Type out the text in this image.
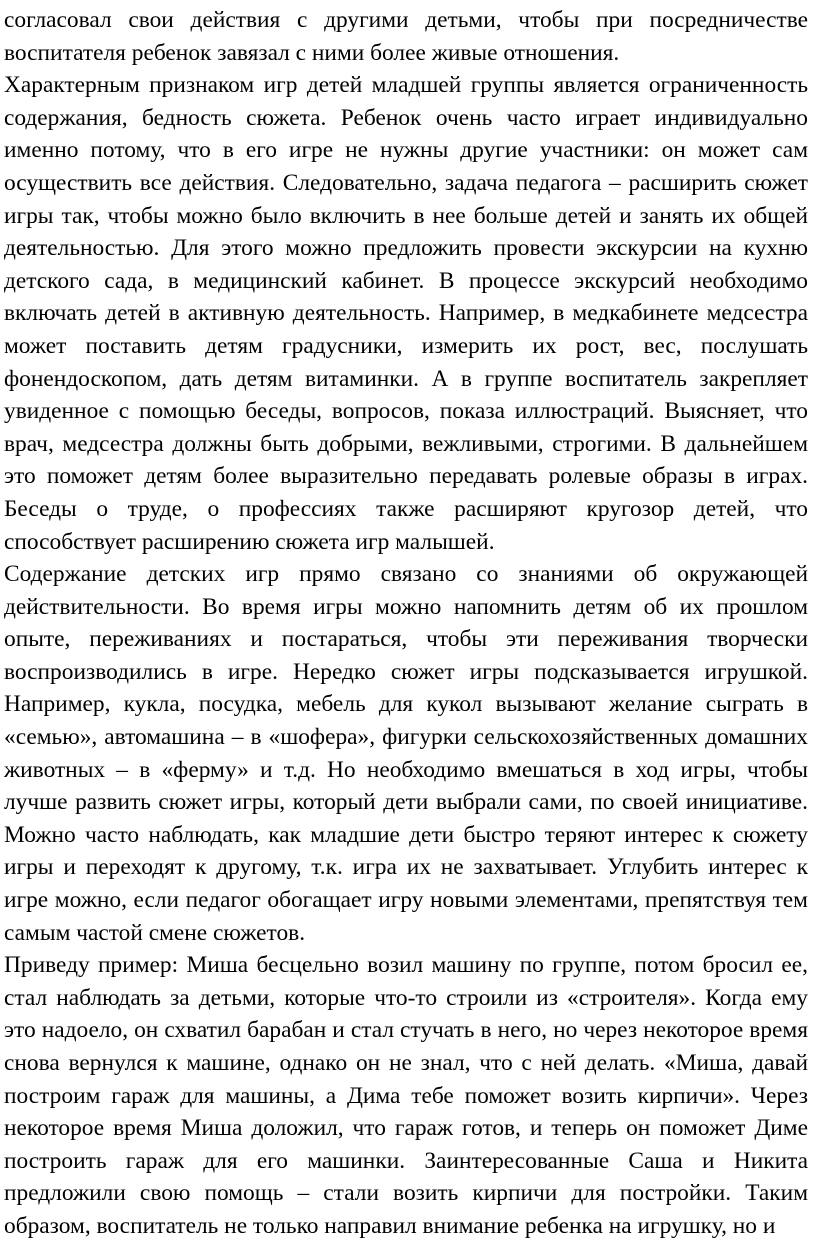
согласовал свои действия с другими детьми, чтобы при посредничестве воспитателя ребенок завязал с ними более живые отношения.

Характерным признаком игр детей младшей группы является ограниченность содержания, бедность сюжета. Ребенок очень часто играет индивидуально именно потому, что в его игре не нужны другие участники: он может сам осуществить все действия. Следовательно, задача педагога – расширить сюжет игры так, чтобы можно было включить в нее больше детей и занять их общей деятельностью. Для этого можно предложить провести экскурсии на кухню детского сада, в медицинский кабинет. В процессе экскурсий необходимо включать детей в активную деятельность. Например, в медкабинете медсестра может поставить детям градусники, измерить их рост, вес, послушать фонендоскопом, дать детям витаминки. А в группе воспитатель закрепляет увиденное с помощью беседы, вопросов, показа иллюстраций. Выясняет, что врач, медсестра должны быть добрыми, вежливыми, строгими. В дальнейшем это поможет детям более выразительно передавать ролевые образы в играх. Беседы о труде, о профессиях также расширяют кругозор детей, что способствует расширению сюжета игр малышей.

Содержание детских игр прямо связано со знаниями об окружающей действительности. Во время игры можно напомнить детям об их прошлом опыте, переживаниях и постараться, чтобы эти переживания творчески воспроизводились в игре. Нередко сюжет игры подсказывается игрушкой. Например, кукла, посудка, мебель для кукол вызывают желание сыграть в «семью», автомашина – в «шофера», фигурки сельскохозяйственных домашних животных – в «ферму» и т.д. Но необходимо вмешаться в ход игры, чтобы лучше развить сюжет игры, который дети выбрали сами, по своей инициативе. Можно часто наблюдать, как младшие дети быстро теряют интерес к сюжету игры и переходят к другому, т.к. игра их не захватывает. Углубить интерес к игре можно, если педагог обогащает игру новыми элементами, препятствуя тем самым частой смене сюжетов.

Приведу пример: Миша бесцельно возил машину по группе, потом бросил ее, стал наблюдать за детьми, которые что-то строили из «строителя». Когда ему это надоело, он схватил барабан и стал стучать в него, но через некоторое время снова вернулся к машине, однако он не знал, что с ней делать. «Миша, давай построим гараж для машины, а Дима тебе поможет возить кирпичи». Через некоторое время Миша доложил, что гараж готов, и теперь он поможет Диме построить гараж для его машинки. Заинтересованные Саша и Никита предложили свою помощь – стали возить кирпичи для постройки. Таким образом, воспитатель не только направил внимание ребенка на игрушку, но и
